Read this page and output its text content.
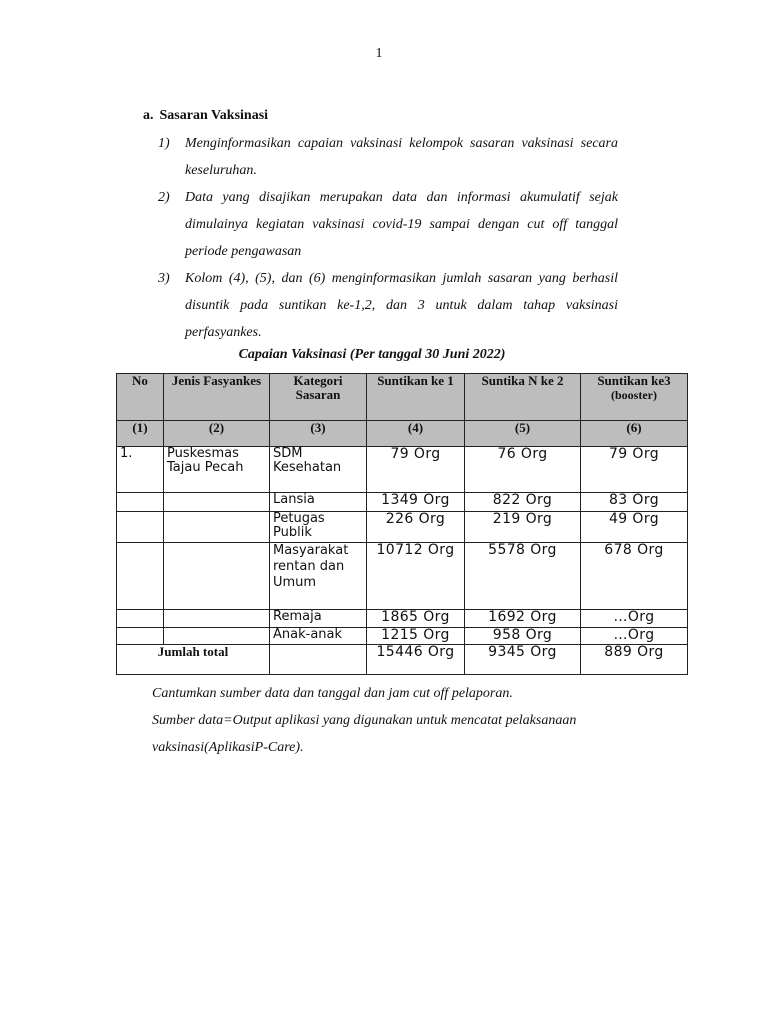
1
a. Sasaran Vaksinasi
1)	Menginformasikan capaian vaksinasi kelompok sasaran vaksinasi secara keseluruhan.
2)	Data yang disajikan merupakan data dan informasi akumulatif sejak dimulainya kegiatan vaksinasi covid-19 sampai dengan cut off tanggal periode pengawasan
3)	Kolom (4), (5), dan (6) menginformasikan jumlah sasaran yang berhasil disuntik pada suntikan ke-1,2, dan 3 untuk dalam tahap vaksinasi perfasyankes.
Capaian Vaksinasi (Per tanggal 30 Juni 2022)
No	Jenis Fasyankes	Kategori Sasaran	Suntikan ke 1	Suntika N ke 2	Suntikan ke3
(booster)
(1)	(2)	(3)	(4)	(5)	(6)
1.	Puskesmas Tajau Pecah	SDM Kesehatan	79 Org	76 Org	79 Org
		Lansia	1349 Org	822 Org	83 Org
		Petugas Publik	226 Org	219 Org	49 Org
		Masyarakat rentan dan Umum	10712 Org	5578 Org	678 Org
		Remaja	1865 Org	1692 Org	…Org
		Anak-anak	1215 Org	958 Org	…Org
Jumlah total			15446 Org	9345 Org	889 Org
Cantumkan sumber data dan tanggal dan jam cut off pelaporan.
Sumber data=Output aplikasi yang digunakan untuk mencatat pelaksanaan vaksinasi(AplikasiP-Care).
